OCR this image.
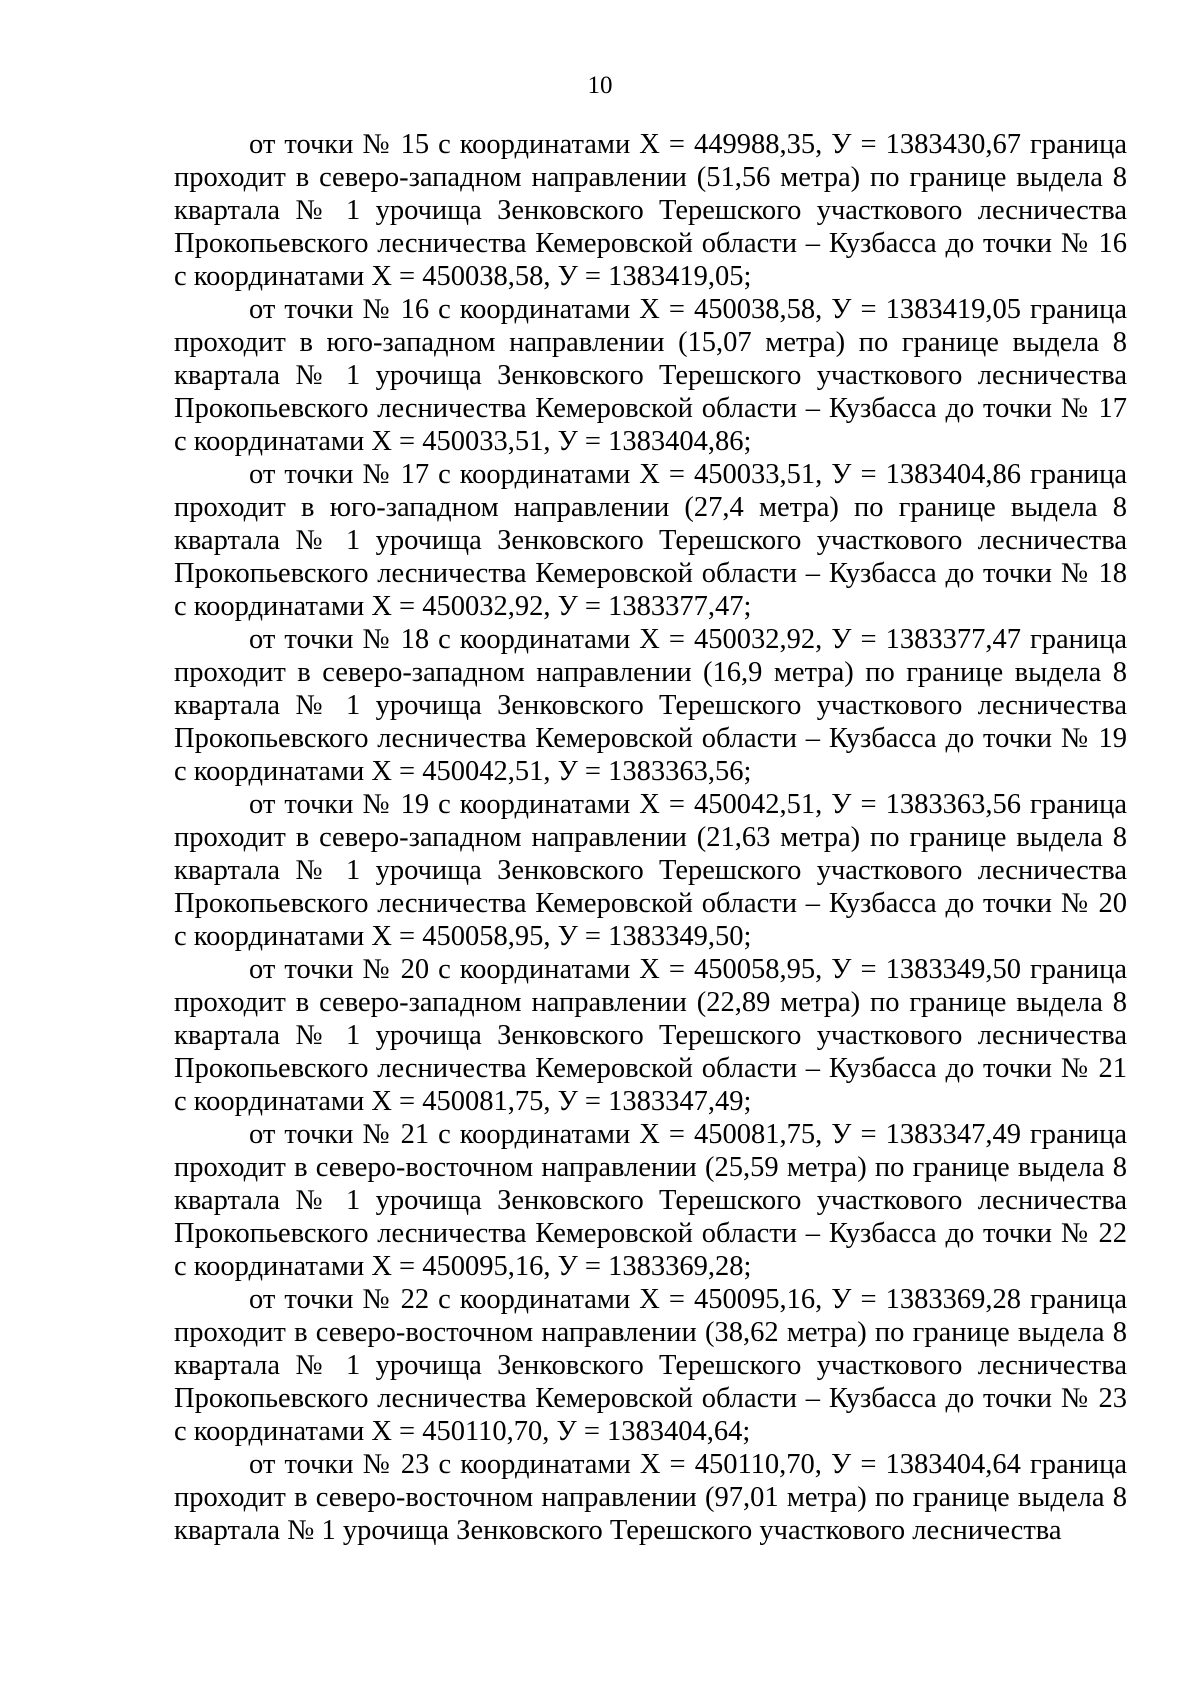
10

от точки № 15 с координатами Х = 449988,35, У = 1383430,67 граница проходит в северо-западном направлении (51,56 метра) по границе выдела 8 квартала № 1 урочища Зенковского Терешского участкового лесничества Прокопьевского лесничества Кемеровской области – Кузбасса до точки № 16 с координатами Х = 450038,58, У = 1383419,05;

от точки № 16 с координатами Х = 450038,58, У = 1383419,05 граница проходит в юго-западном направлении (15,07 метра) по границе выдела 8 квартала № 1 урочища Зенковского Терешского участкового лесничества Прокопьевского лесничества Кемеровской области – Кузбасса до точки № 17 с координатами Х = 450033,51, У = 1383404,86;

от точки № 17 с координатами Х = 450033,51, У = 1383404,86 граница проходит в юго-западном направлении (27,4 метра) по границе выдела 8 квартала № 1 урочища Зенковского Терешского участкового лесничества Прокопьевского лесничества Кемеровской области – Кузбасса до точки № 18 с координатами Х = 450032,92, У = 1383377,47;

от точки № 18 с координатами Х = 450032,92, У = 1383377,47 граница проходит в северо-западном направлении (16,9 метра) по границе выдела 8 квартала № 1 урочища Зенковского Терешского участкового лесничества Прокопьевского лесничества Кемеровской области – Кузбасса до точки № 19 с координатами Х = 450042,51, У = 1383363,56;

от точки № 19 с координатами Х = 450042,51, У = 1383363,56 граница проходит в северо-западном направлении (21,63 метра) по границе выдела 8 квартала № 1 урочища Зенковского Терешского участкового лесничества Прокопьевского лесничества Кемеровской области – Кузбасса до точки № 20 с координатами Х = 450058,95, У = 1383349,50;

от точки № 20 с координатами Х = 450058,95, У = 1383349,50 граница проходит в северо-западном направлении (22,89 метра) по границе выдела 8 квартала № 1 урочища Зенковского Терешского участкового лесничества Прокопьевского лесничества Кемеровской области – Кузбасса до точки № 21 с координатами Х = 450081,75, У = 1383347,49;

от точки № 21 с координатами Х = 450081,75, У = 1383347,49 граница проходит в северо-восточном направлении (25,59 метра) по границе выдела 8 квартала № 1 урочища Зенковского Терешского участкового лесничества Прокопьевского лесничества Кемеровской области – Кузбасса до точки № 22 с координатами Х = 450095,16, У = 1383369,28;

от точки № 22 с координатами Х = 450095,16, У = 1383369,28 граница проходит в северо-восточном направлении (38,62 метра) по границе выдела 8 квартала № 1 урочища Зенковского Терешского участкового лесничества Прокопьевского лесничества Кемеровской области – Кузбасса до точки № 23 с координатами Х = 450110,70, У = 1383404,64;

от точки № 23 с координатами Х = 450110,70, У = 1383404,64 граница проходит в северо-восточном направлении (97,01 метра) по границе выдела 8 квартала № 1 урочища Зенковского Терешского участкового лесничества
